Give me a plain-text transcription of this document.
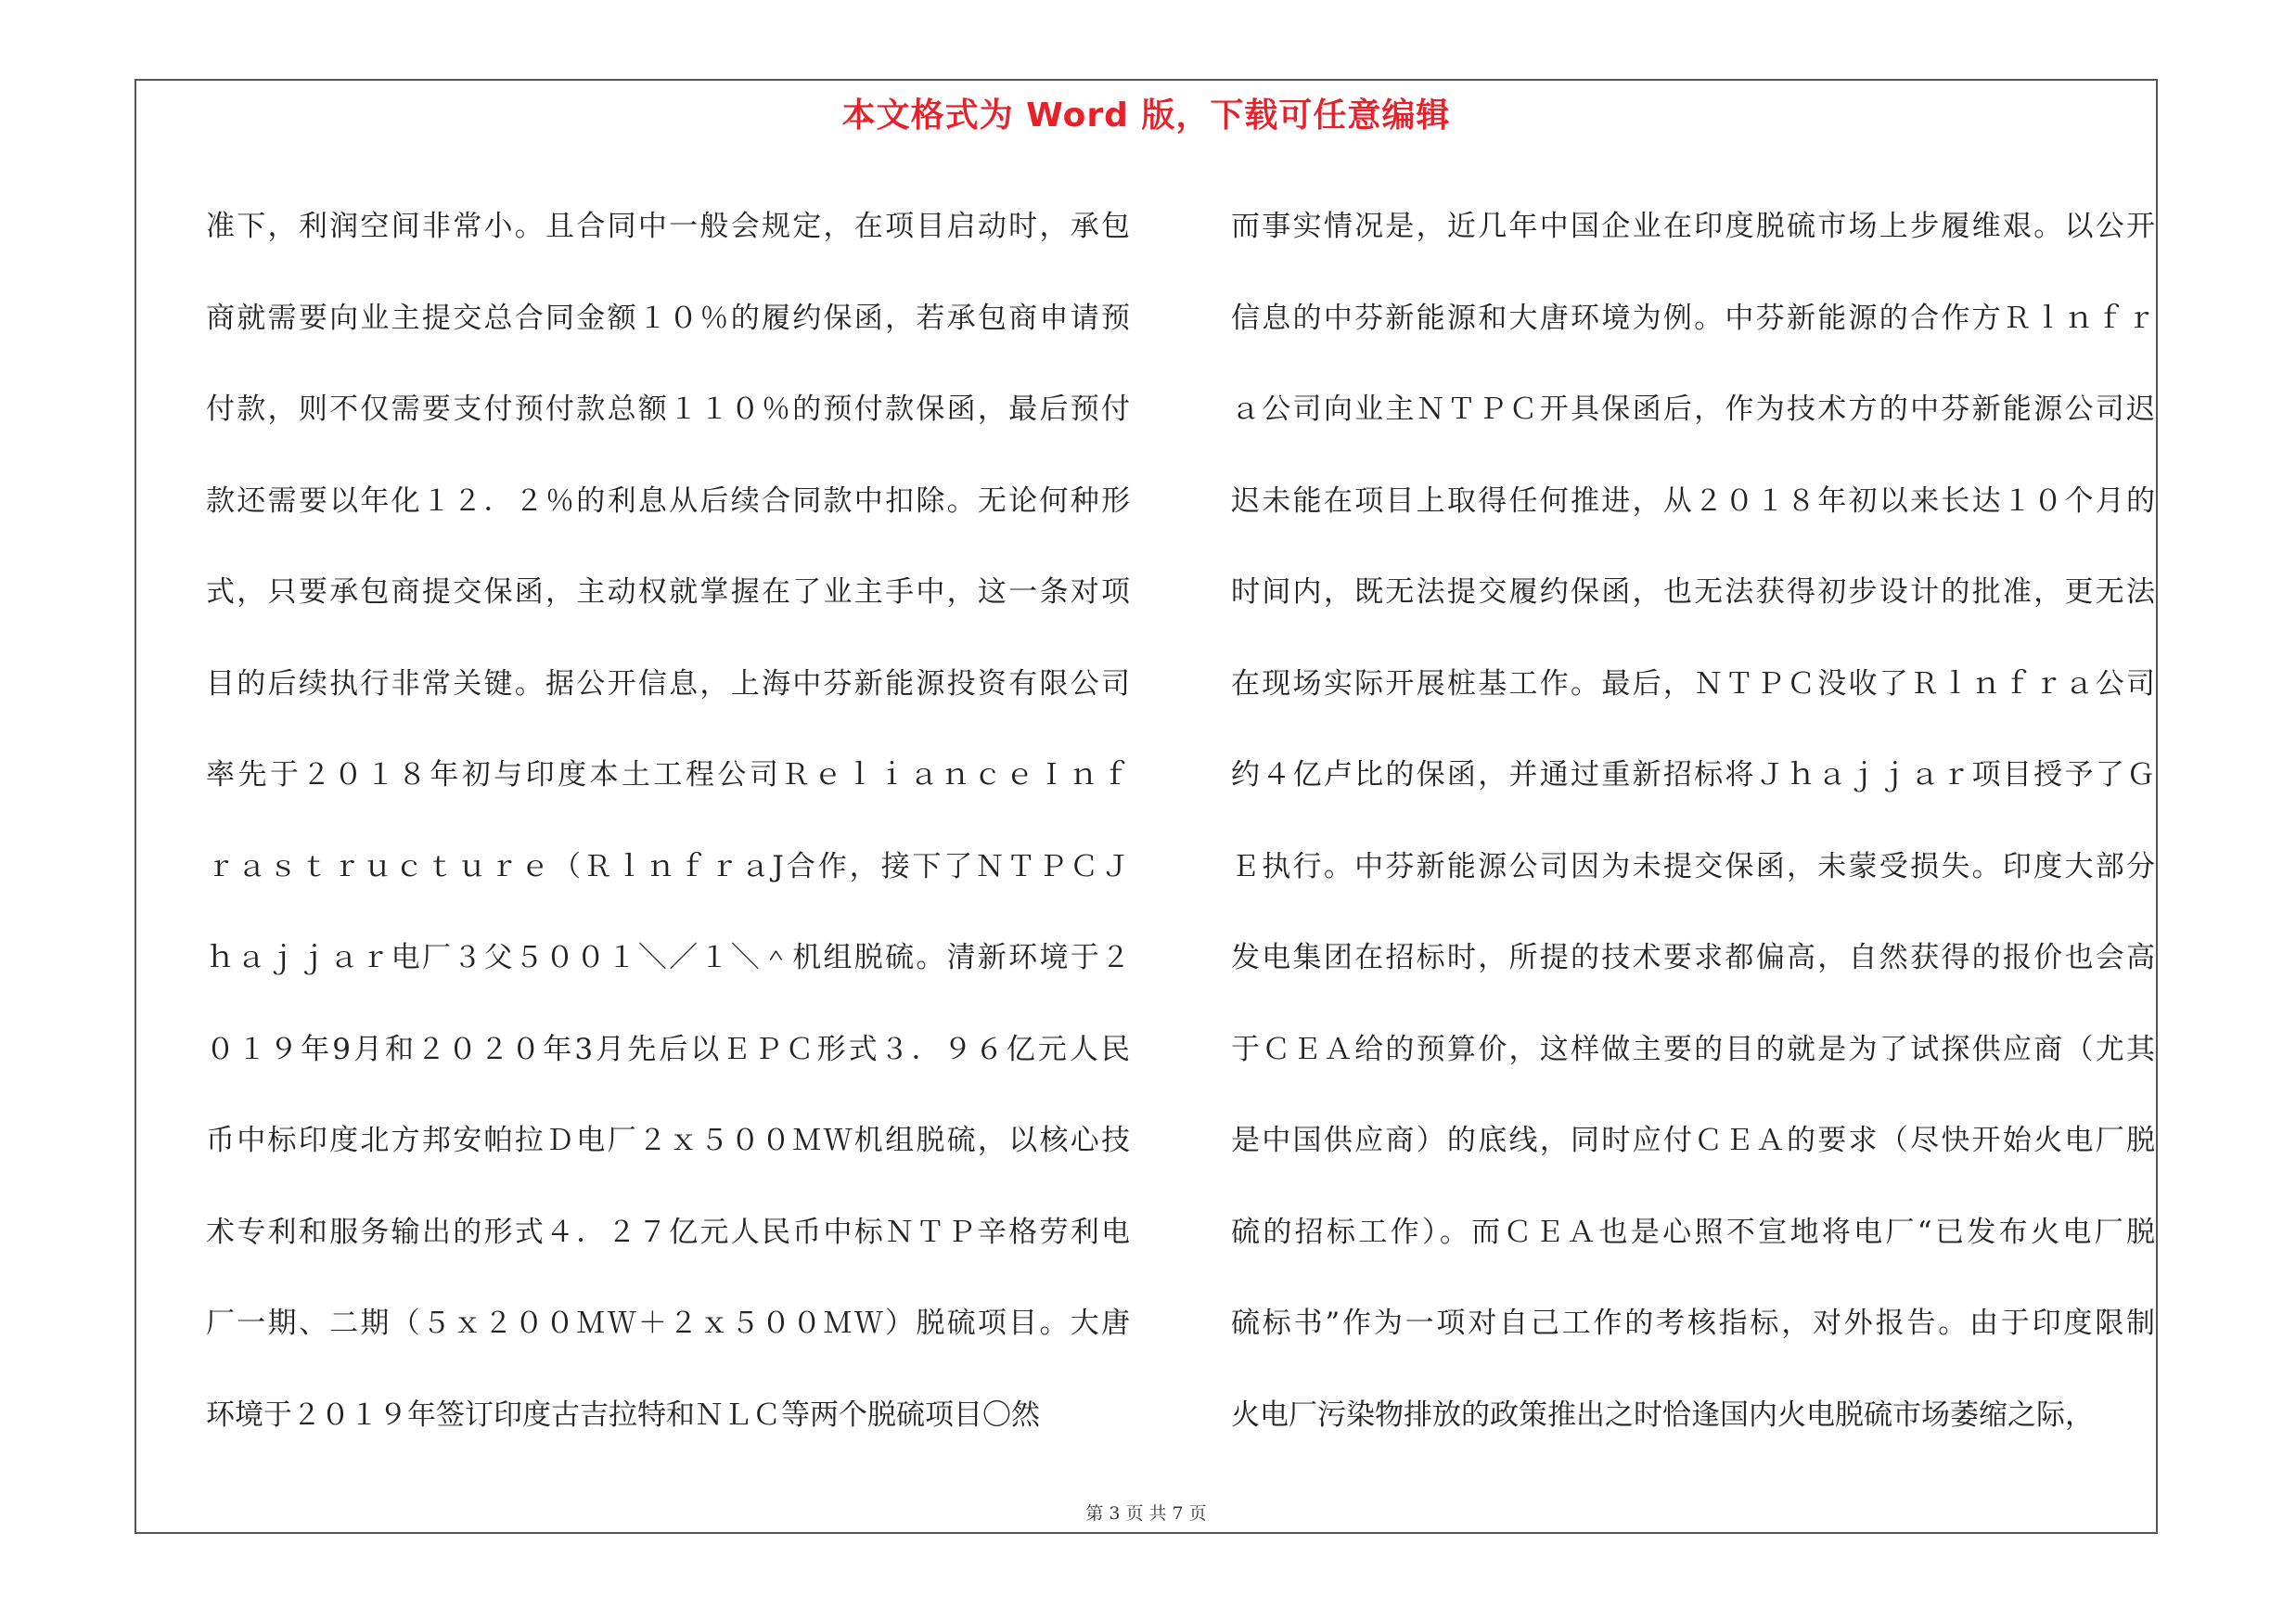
本文格式为 Word 版，下载可任意编辑
准下，利润空间非常小。且合同中一般会规定，在项目启动时，承包
商就需要向业主提交总合同金额１０％的履约保函，若承包商申请预
付款，则不仅需要支付预付款总额１１０％的预付款保函，最后预付
款还需要以年化１２．２％的利息从后续合同款中扣除。无论何种形
式，只要承包商提交保函，主动权就掌握在了业主手中，这一条对项
目的后续执行非常关键。据公开信息，上海中芬新能源投资有限公司
率先于２０１８年初与印度本土工程公司ＲｅｌｉａｎｃｅＩｎｆ
ｒａｓｔｒｕｃｔｕｒｅ（ＲｌｎｆｒａJ合作，接下了ＮＴＰＣＪ
ｈａｊｊａｒ电厂３父５００１＼／１＼＾机组脱硫。清新环境于２
０１９年9月和２０２０年3月先后以ＥＰＣ形式３．９６亿元人民
币中标印度北方邦安帕拉Ｄ电厂２ｘ５００ＭＷ机组脱硫，以核心技
术专利和服务输出的形式４．２７亿元人民币中标ＮＴＰ辛格劳利电
厂一期、二期（５ｘ２００ＭＷ＋２ｘ５００ＭＷ）脱硫项目。大唐
环境于２０１９年签订印度古吉拉特和ＮＬＣ等两个脱硫项目〇然
而事实情况是，近几年中国企业在印度脱硫市场上步履维艰。以公开
信息的中芬新能源和大唐环境为例。中芬新能源的合作方Ｒｌｎｆｒ
ａ公司向业主ＮＴＰＣ开具保函后，作为技术方的中芬新能源公司迟
迟未能在项目上取得任何推进，从２０１８年初以来长达１０个月的
时间内，既无法提交履约保函，也无法获得初步设计的批准，更无法
在现场实际开展桩基工作。最后，ＮＴＰＣ没收了Ｒｌｎｆｒａ公司
约４亿卢比的保函，并通过重新招标将Ｊｈａｊｊａｒ项目授予了Ｇ
Ｅ执行。中芬新能源公司因为未提交保函，未蒙受损失。印度大部分
发电集团在招标时，所提的技术要求都偏高，自然获得的报价也会高
于ＣＥＡ给的预算价，这样做主要的目的就是为了试探供应商（尤其
是中国供应商）的底线，同时应付ＣＥＡ的要求（尽快开始火电厂脱
硫的招标工作）。而ＣＥＡ也是心照不宣地将电厂“已发布火电厂脱
硫标书”作为一项对自己工作的考核指标，对外报告。由于印度限制
火电厂污染物排放的政策推出之时恰逢国内火电脱硫市场萎缩之际，
第 3 页 共 7 页
